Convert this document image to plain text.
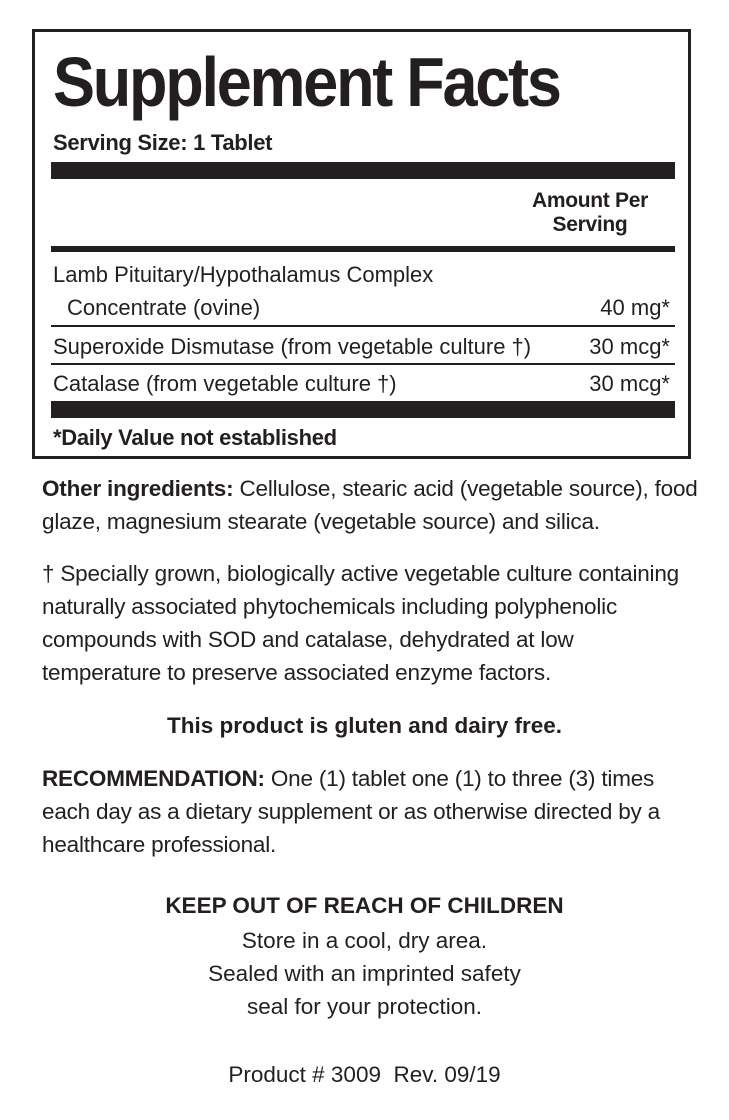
Supplement Facts
Serving Size: 1 Tablet
Amount Per
Serving
Lamb Pituitary/Hypothalamus Complex
Concentrate (ovine)	40 mg*
Superoxide Dismutase (from vegetable culture †)	30 mcg*
Catalase (from vegetable culture †)	30 mcg*
*Daily Value not established
Other ingredients: Cellulose, stearic acid (vegetable source), food glaze, magnesium stearate (vegetable source) and silica.
† Specially grown, biologically active vegetable culture containing naturally associated phytochemicals including polyphenolic compounds with SOD and catalase, dehydrated at low temperature to preserve associated enzyme factors.
This product is gluten and dairy free.
RECOMMENDATION: One (1) tablet one (1) to three (3) times each day as a dietary supplement or as otherwise directed by a healthcare professional.
KEEP OUT OF REACH OF CHILDREN
Store in a cool, dry area.
Sealed with an imprinted safety
seal for your protection.
Product # 3009  Rev. 09/19
